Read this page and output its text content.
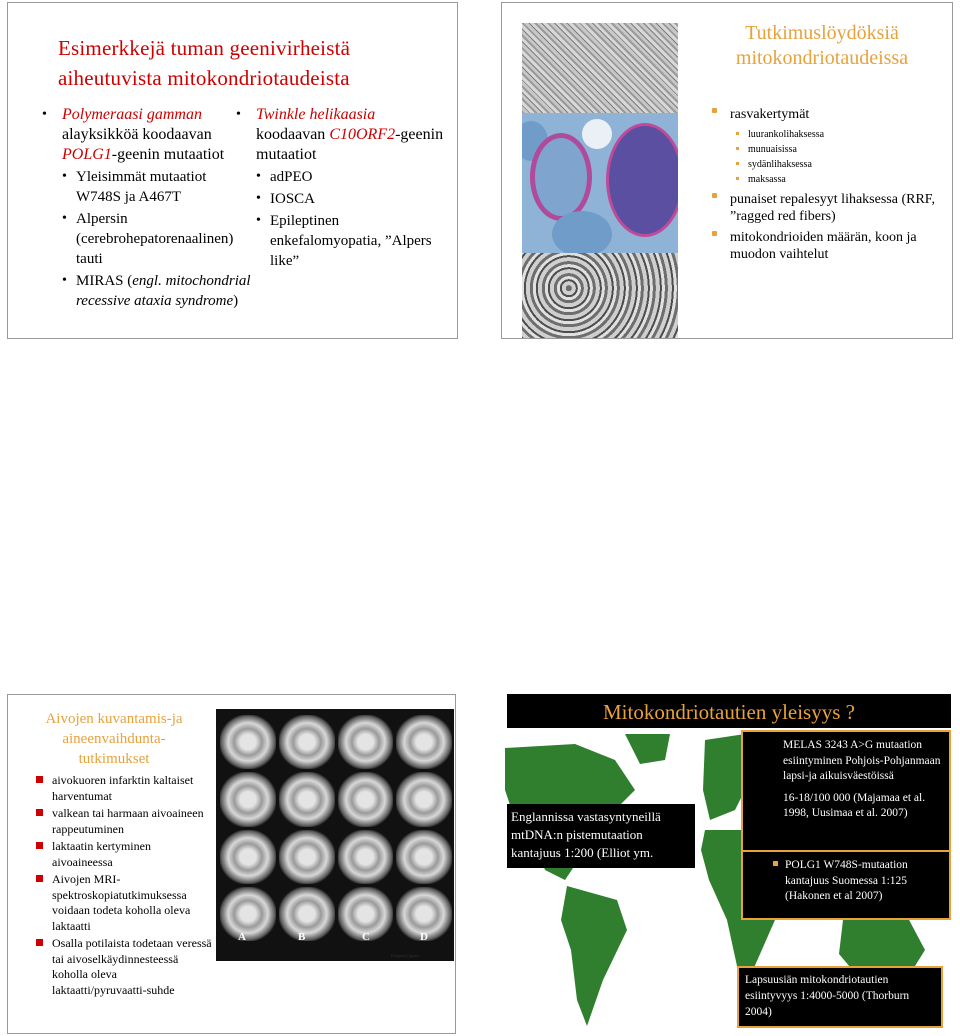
Esimerkkejä tuman geenivirheistä aiheutuvista mitokondriotaudeista
• Polymeraasi gamman
alayksikköä koodaavan
POLG1-geenin mutaatiot
• Yleisimmät mutaatiot W748S ja A467T
• Alpersin (cerebrohepatorenaalinen) tauti
• MIRAS (engl. mitochondrial recessive ataxia syndrome)
• Twinkle helikaasia
koodaavan C10ORF2-geenin mutaatiot
• adPEO
• IOSCA
• Epileptinen enkefalomyopatia, ”Alpers like”
Tutkimuslöydöksiä mitokondriotaudeissa
rasvakertymät
luurankolihaksessa
munuaisissa
sydänlihaksessa
maksassa
punaiset repalesyyt lihaksessa (RRF, ”ragged red fibers)
mitokondrioiden määrän, koon ja muodon vaihtelut
Aivojen kuvantamis-ja aineenvaihdunta-tutkimukset
aivokuoren infarktin kaltaiset harventumat
valkean tai harmaan aivoaineen rappeutuminen
laktaatin kertyminen aivoaineessa
Aivojen MRI-spektroskopiatutkimuksessa voidaan todeta koholla oleva laktaatti
Osalla potilaista todetaan veressä tai aivoselkäydinnesteessä koholla oleva laktaatti/pyruvaatti-suhde
A	B	C	D
Frequency (ppm)
Mitokondriotautien yleisyys ?
Englannissa vastasyntyneillä mtDNA:n pistemutaation kantajuus 1:200 (Elliot ym.
MELAS 3243 A>G mutaation esiintyminen Pohjois-Pohjanmaan lapsi-ja aikuisväestöissä
16-18/100 000 (Majamaa et al. 1998, Uusimaa et al. 2007)
POLG1 W748S-mutaation kantajuus Suomessa 1:125 (Hakonen et al 2007)
Lapsuusiän mitokondriotautien esiintyvyys 1:4000-5000 (Thorburn 2004)
